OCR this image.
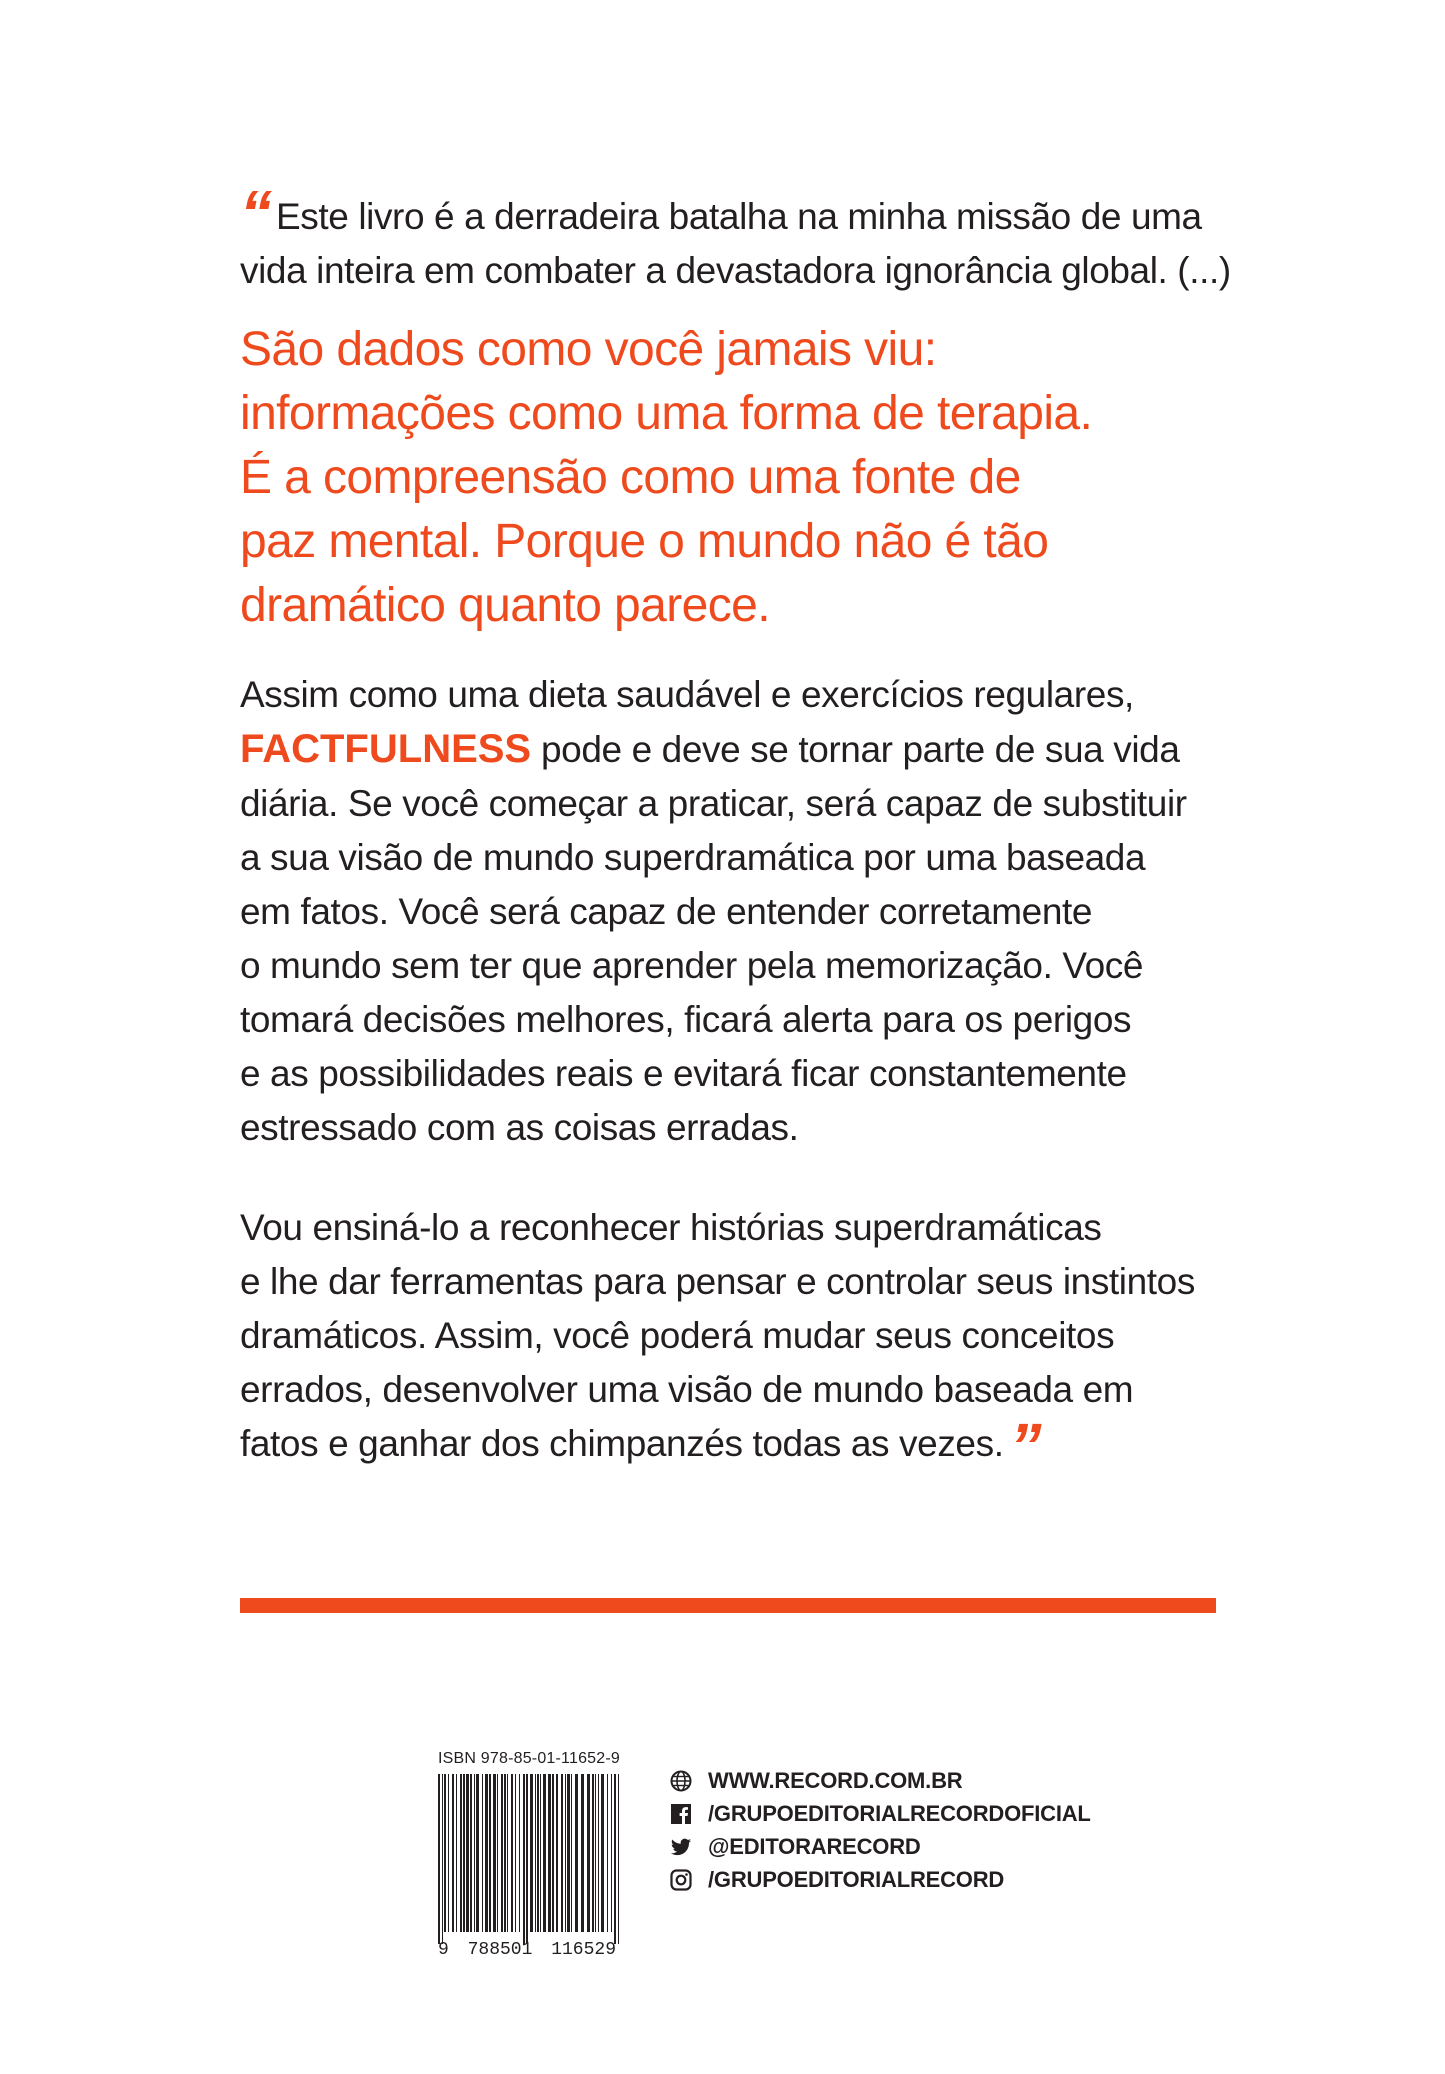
“ Este livro é a derradeira batalha na minha missão de uma
vida inteira em combater a devastadora ignorância global. (...)

São dados como você jamais viu:
informações como uma forma de terapia.
É a compreensão como uma fonte de
paz mental. Porque o mundo não é tão
dramático quanto parece.

Assim como uma dieta saudável e exercícios regulares,
FACTFULNESS pode e deve se tornar parte de sua vida
diária. Se você começar a praticar, será capaz de substituir
a sua visão de mundo superdramática por uma baseada
em fatos. Você será capaz de entender corretamente
o mundo sem ter que aprender pela memorização. Você
tomará decisões melhores, ficará alerta para os perigos
e as possibilidades reais e evitará ficar constantemente
estressado com as coisas erradas.

Vou ensiná-lo a reconhecer histórias superdramáticas
e lhe dar ferramentas para pensar e controlar seus instintos
dramáticos. Assim, você poderá mudar seus conceitos
errados, desenvolver uma visão de mundo baseada em
fatos e ganhar dos chimpanzés todas as vezes.”

ISBN 978-85-01-11652-9
9 788501 116529
WWW.RECORD.COM.BR
/GRUPOEDITORIALRECORDOFICIAL
@EDITORARECORD
/GRUPOEDITORIALRECORD
